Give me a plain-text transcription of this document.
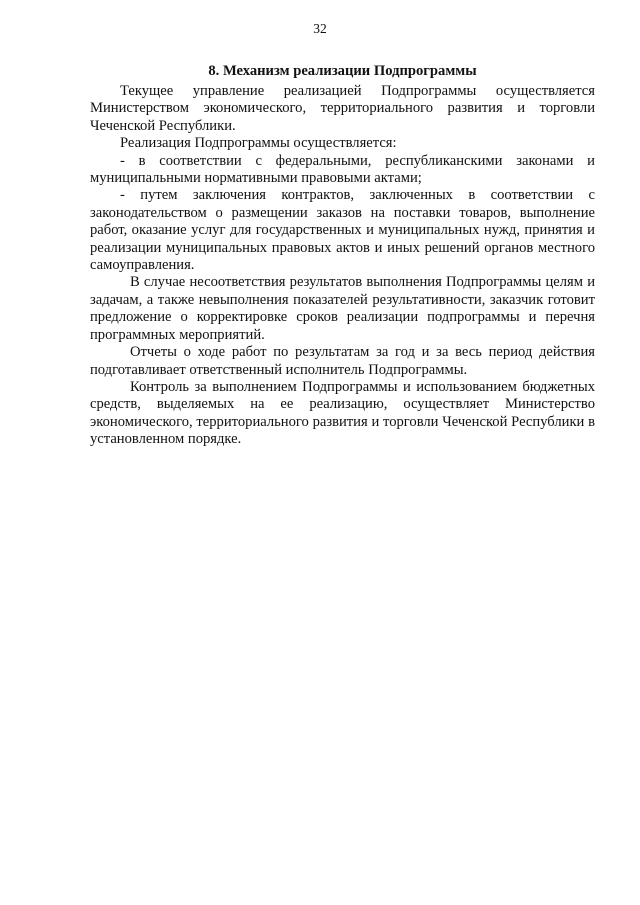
32
8. Механизм реализации Подпрограммы

Текущее управление реализацией Подпрограммы осуществляется Министерством экономического, территориального развития и торговли Чеченской Республики.

Реализация Подпрограммы осуществляется:

- в соответствии с федеральными, республиканскими законами и муниципальными нормативными правовыми актами;

- путем заключения контрактов, заключенных в соответствии с законодательством о размещении заказов на поставки товаров, выполнение работ, оказание услуг для государственных и муниципальных нужд, принятия и реализации муниципальных правовых актов и иных решений органов местного самоуправления.

В случае несоответствия результатов выполнения Подпрограммы целям и задачам, а также невыполнения показателей результативности, заказчик готовит предложение о корректировке сроков реализации подпрограммы и перечня программных мероприятий.

Отчеты о ходе работ по результатам за год и за весь период действия подготавливает ответственный исполнитель Подпрограммы.

Контроль за выполнением Подпрограммы и использованием бюджетных средств, выделяемых на ее реализацию, осуществляет Министерство экономического, территориального развития и торговли Чеченской Республики в установленном порядке.
